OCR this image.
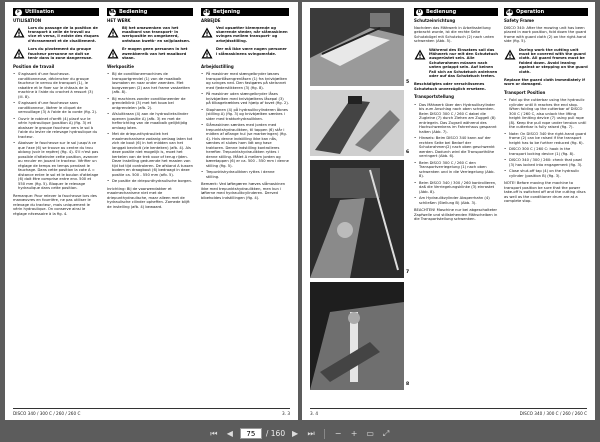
F	Utilisation
UTILISATION
Lors du passage de la position de transport à celle de travail ou vice et versa, il existe des risques d'écrasement et de cisaillement.
Lors du pivotement du groupe faucheur personne ne doit se tenir dans la zone dangereuse.
Position de travail
• S'agissant d'une faucheuse-conditionneuse, déclencher du groupe faucheur le verrou de transport (1), le rabattre et le fixer sur le châssis de la machine à l'aide du crochet à ressort (3) (ill. 8).
• S'agissant d'une faucheuse sans conditionneur, libérer le cliquet de verrouillage (3) à l'aide de la corde (fig. 2).
• Ouvrir le robinet d'arrêt (4) placé sur le vérin hydraulique (position A) (fig. 3) et abaisser le groupe faucheur vers le sol à l'aide du levier de relevage hydraulique du tracteur.
• Abaisser le faucheuse sur le sol jusqu'à ce que l'axe (6) se trouve au centre du trou oblong (voir le repère) (fig. 4). S'il n'est pas possible d'atteindre cette position, avancer ou reculer en jouant le tracteur. Vérifier un réglage de temps en temps pendant le fauchage. Dans cette position la cote A = distance entre le sol et le boulon d'attelage (6) doit être comprise entre env. 500 et 550 mm (fig. 5). Bloquer le relevage hydraulique dans cette position.
Remarque: Pour relever la faucheuse lors des manœuvres en fourrière, ne pas utiliser le relevage du tracteur, mais uniquement le vérin hydraulique. On conserve ainsi le réglage nécessaire à la fig. 4.
NL Bediening
HET WERK
Bij het omzwenken van het maaibord van transport- in werkpositie en omgekeerd, ontstaan kwetk- en snijplaatsen.
Er mogen geen personen in het zwenkbereik van het maaibord staan.
Werkpositie
• Bij de conditionermachines de transportgrendel (1) van de maaibalk losmaken en naar onder zwenken. Met borgveerpen (2) aan het frame vastzetten (afb. 8).
• Bij machines zonder conditioneerder de grendelklink (3) met het touw bel ontgrendelen (afb. 2).
• Afsluitkraan (4) aan de hydraulieksilinder openen (positie A) (afb. 3) en met de hefinrichting van de maaibalk gelijktijdig omlaag laten.
• Met de driepunthydrauliek het maaimechanisme zodanig omlaag laten tot zich de bout (6) in het midden van het langgat bevindt (zie kenteken) (afb. 4). Als deze positie niet mogelijk is, moet het kerkelen van de trek voor of terug rijden. Deze instelling gedurende het maaien van tijd tot tijd controleren. De afstand A tussen bodem en draagbout (6) bedraagt in deze positie ca. 500 - 550 mm (afb. 5).
• De positie de driepunthydraulische borgen.
Inrichting: Bij de voorwendakker et maaimechanisme niet met de driepunthydraulische, maar alleen met de hydraulische cilinder opheffen. Zomede blijft de instelling (afb. 4) bewaard.
DK Betjening
ARBEJDE
Ved opsætter klemmende og skærende steder, når slåmaskinen svinges mellem transport- og arbejdsstilling.
Der må ikke være nogen personer i slåmaskinens svingområde.
Arbejdsstilling
• På maskiner med stængelbryder løsnes transportlåsengrenlåsen (1) fra knivbjælken og svinges ned. Den fastgøres på stelsnnet med fjederstikkeren (3) (fig. 8).
• På maskiner uden stængelbryder låses knivbjælken med knivbjælkens låsepal (3) på tilbagetrækkes ved hjælp af tovet (fig. 2).
• Stophanen (4) på hydraulikcylinderen åbnes (stilling A) (fig. 3) og knivbjælken sænkes i sider med traktorhydraulikken.
• Slåmaskinen sænkes med jorden med trepunktshydraulikken, til tappen (6) står i midten af aflange hul (se markeringen) (fig. 4). Hvis denne indstilling ikke kan nås, sænkes el slukes ham lidt ang hase traktoren. Denne indstilling kontrolleres herefter. Trepunktshydraulikken ryttes i denne stilling. Målet A mellem jorden og bæretappen (6) er ca. 500 - 550 mm i denne stilling (fig. 5).
• Trepunktshydraulikken ryttes i denne stilling.
Bemærk: Ved løftegæren hæves slåmaskinen ikke med trepunktshydraulikken, men kun i løfterne med hydraulikcylinderen. Derved bibeholdes indstillingen (fig. 4).
DISCO 340 / 300 C / 260 / 260 C	3. 3
5
6
7
8
D Bedienung
Schutzeinrichtung
Nachdem das Mähwerk in Arbeitsstellung gebracht wurde, ist die rechte Seite Schutzbügel mit Schutztuch (2) nach unten schwenken (Abb. 5).
Während des Einsatzes soll das Mähwerk nur mit den Schutztuch ausgerüstet sein. Alle Schutzrahmen müssen nach unten gelappt sein. Auf keinen Fall sich an Schutztuch anlehnen oder auf das Schutztuch treten.
Beschädigtes oder verschlissenes Schutztuch unverzüglich ersetzen.
Transportstellung
• Das Mähwerk über den Hydraulikzylinder bis zum Anschlag nach oben schwenken. Beim DISCO 300 C / 260 C dabei die Zugleine (7) durch Ziehen am Zuggell (8) entriegeln. Das Zugseil während des Hochschwenkens im Fahrerhaus gespannt halten (Abb. 7).
• Hinweis: Beim DISCO 340 kann auf der rechten Seite bei Bedarf der Schutzrahmen(2) nach oben geschwenkt werden. Dadurch wird die Transporthöhe verringert (Abb. 6).
• Beim DISCO 300 C / 260 C den Transportverriegelung (1) nach oben schwenken und in die Verriegelung (Abb. 8).
• Beim DISCO 340 / 300 / 260 kontrollieren, daß die Verriegelungsklinke (3) einrastet (Abb. 8).
• Am Hydraulikzylinder Absperrhahn (4) schließen (Stellung B) (Abb. 3).
BEACHTEN! Maschine nur bei abgeschalteter Zapfwelle und stillstehenden Mähscheiben in die Transportstellung schwenken.
GB Operation
Safety Frame
DISCO 340: After the mowing unit has been placed in work position, fold down the guard frame with guard cloth (2) on the right-hand side (fig. 5).
During work the cutting unit must be covered with the guard cloth. All guard frames must be folded down. Avoid leaning against or stepping on the guard cloth.
Replace the guard cloth immediately if worn or damaged.
Transport Position
• Fold up the cutterbar using the hydraulic cylinder until it reaches the end stop. When folding up the cutterbar of DISCO 300 C / 260 C, also unlock the lifting height limiting device (7) using pull rope (8). Keep the pull rope under tension until the cutterbar is fully raised (fig. 7).
• Note: On DISCO 340 the right-hand guard frame (2) can be raised if the transport height has to be further reduced (fig. 6).
• DISCO 300 C / 260 C: hook in the transport locking device (1) (fig. 8).
• DISCO 340 / 300 / 260: check that pawl (3) has locked into engagement (fig. 3).
• Close shut-off tap (4) on the hydraulic cylinder (position B) (fig. 3).
NOTE! Before moving the machine to transport position be sure that the power take-off is switched off and the cutting discs as well as the conditioner drum are at a complete stop.
3. 4	DISCO 340 / 300 C / 260 / 260 C
⏮ ◀
75	/ 160 ▶ ⏭	− + ▭ ⤢
